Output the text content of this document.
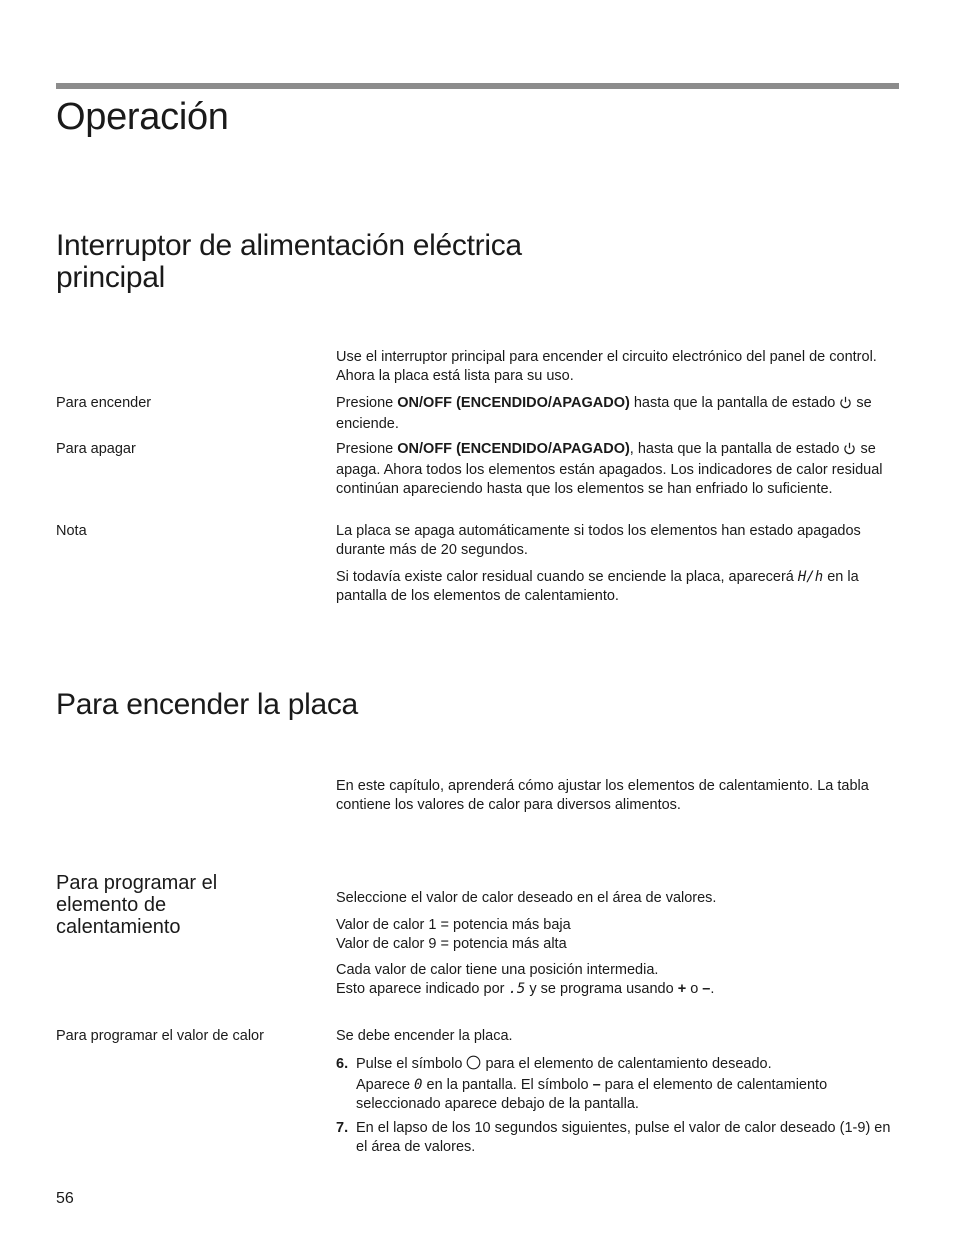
Operación
Interruptor de alimentación eléctrica
principal

Use el interruptor principal para encender el circuito electrónico del panel de control. Ahora la placa está lista para su uso.

Para encender	Presione ON/OFF (ENCENDIDO/APAGADO) hasta que la pantalla de estado  se enciende.

Para apagar	Presione ON/OFF (ENCENDIDO/APAGADO), hasta que la pantalla de estado  se apaga. Ahora todos los elementos están apagados. Los indicadores de calor residual continúan apareciendo hasta que los elementos se han enfriado lo suficiente.

Nota	La placa se apaga automáticamente si todos los elementos han estado apagados durante más de 20 segundos.

Si todavía existe calor residual cuando se enciende la placa, aparecerá H/h en la pantalla de los elementos de calentamiento.

Para encender la placa

En este capítulo, aprenderá cómo ajustar los elementos de calentamiento. La tabla contiene los valores de calor para diversos alimentos.

Para programar el elemento de calentamiento

Seleccione el valor de calor deseado en el área de valores.

Valor de calor 1 = potencia más baja
Valor de calor 9 = potencia más alta

Cada valor de calor tiene una posición intermedia.
Esto aparece indicado por .5 y se programa usando + o –.

Para programar el valor de calor	Se debe encender la placa.

6. Pulse el símbolo  para el elemento de calentamiento deseado.
Aparece 0 en la pantalla. El símbolo – para el elemento de calentamiento seleccionado aparece debajo de la pantalla.

7. En el lapso de los 10 segundos siguientes, pulse el valor de calor deseado (1-9) en el área de valores.

56
